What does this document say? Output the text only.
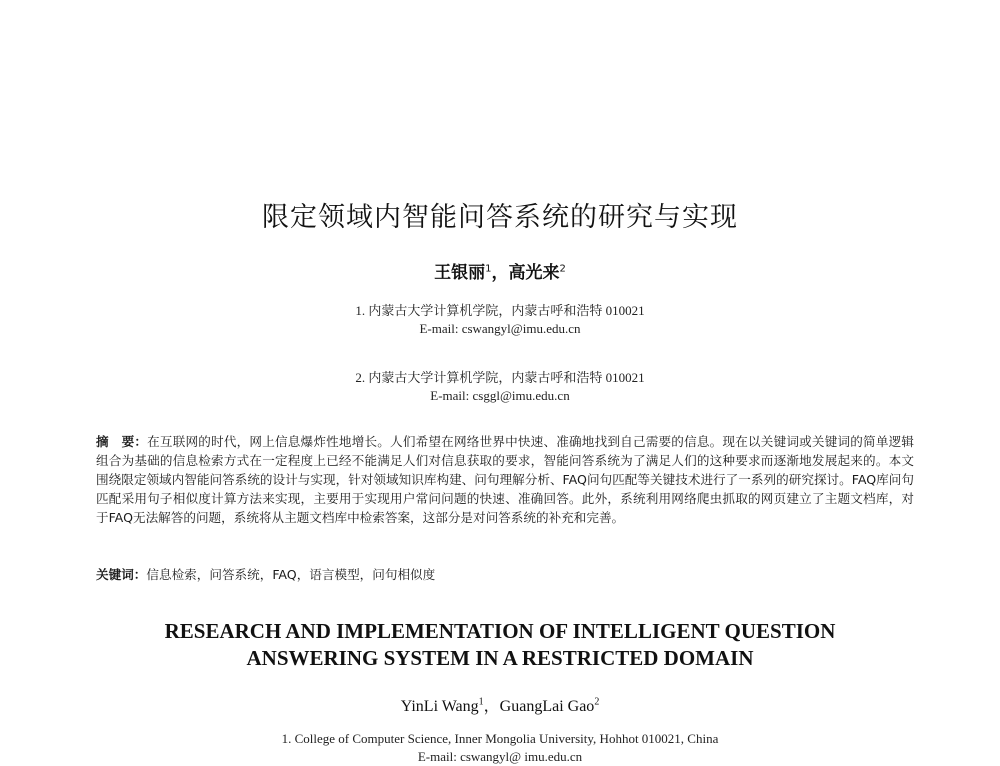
限定领域内智能问答系统的研究与实现
王银丽$^1$，高光来$^2$
1. 内蒙古大学计算机学院，内蒙古呼和浩特 010021
E-mail: cswangyl@imu.edu.cn
2. 内蒙古大学计算机学院，内蒙古呼和浩特 010021
E-mail: csggl@imu.edu.cn
摘　要：在互联网的时代，网上信息爆炸性地增长。人们希望在网络世界中快速、准确地找到自己需要的信息。现在以关键词或关键词的简单逻辑组合为基础的信息检索方式在一定程度上已经不能满足人们对信息获取的要求，智能问答系统为了满足人们的这种要求而逐渐地发展起来的。本文围绕限定领域内智能问答系统的设计与实现，针对领域知识库构建、问句理解分析、FAQ问句匹配等关键技术进行了一系列的研究探讨。FAQ库问句匹配采用句子相似度计算方法来实现，主要用于实现用户常问问题的快速、准确回答。此外，系统利用网络爬虫抓取的网页建立了主题文档库，对于FAQ无法解答的问题，系统将从主题文档库中检索答案，这部分是对问答系统的补充和完善。
关键词：信息检索，问答系统，FAQ，语言模型，问句相似度
RESEARCH AND IMPLEMENTATION OF INTELLIGENT QUESTION
ANSWERING SYSTEM IN A RESTRICTED DOMAIN
YinLi Wang$^1$，GuangLai Gao$^2$
1. College of Computer Science, Inner Mongolia University, Hohhot 010021, China
E-mail: cswangyl@ imu.edu.cn
